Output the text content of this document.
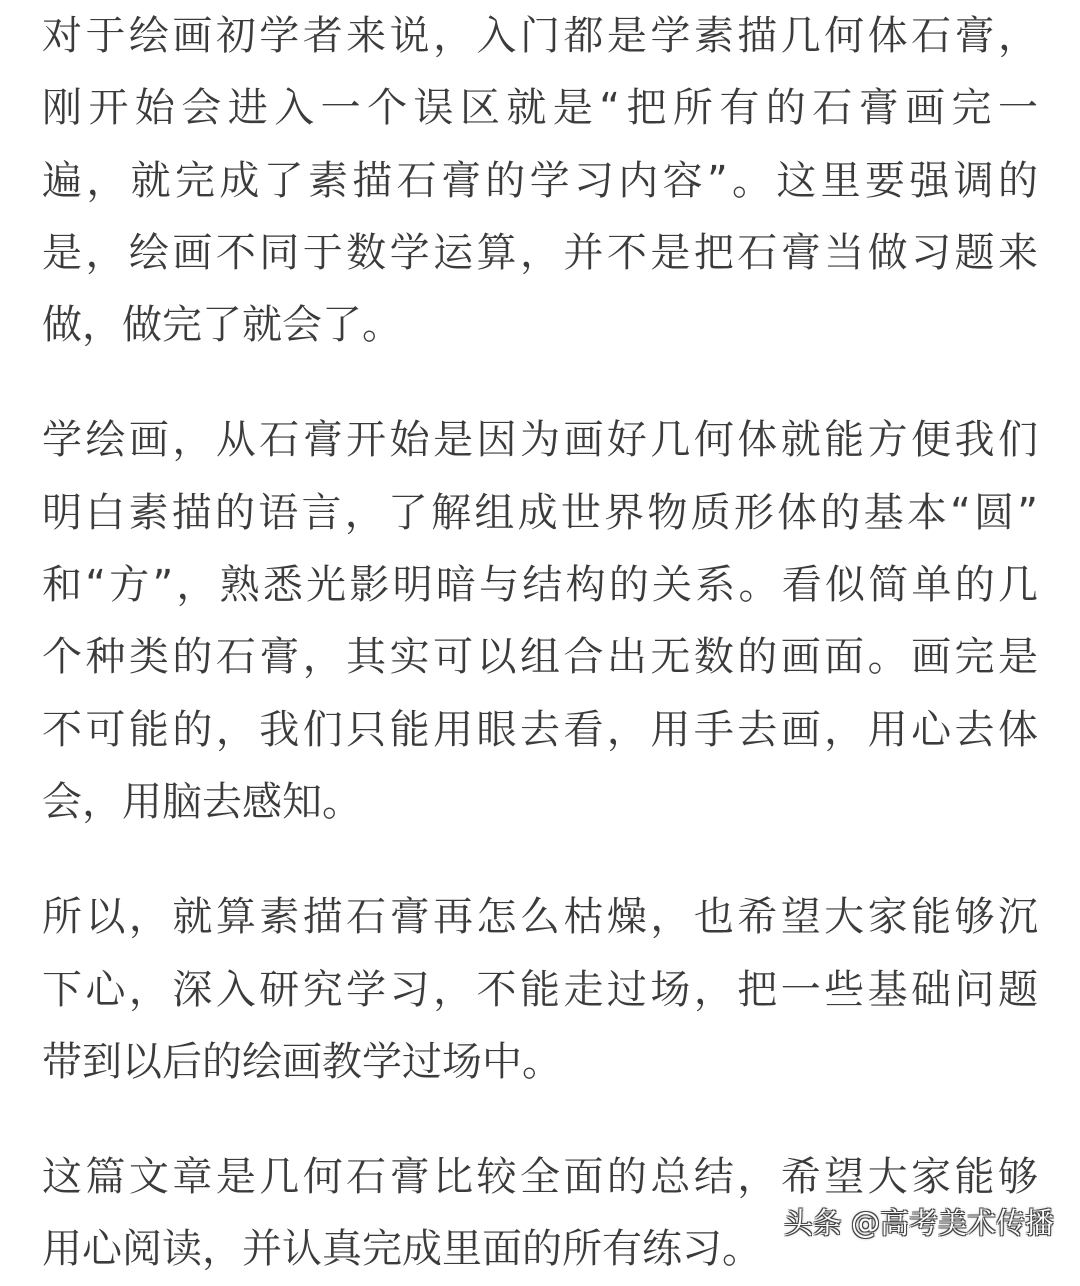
对于绘画初学者来说，入门都是学素描几何体石膏，
刚开始会进入一个误区就是“把所有的石膏画完一
遍，就完成了素描石膏的学习内容”。这里要强调的
是，绘画不同于数学运算，并不是把石膏当做习题来
做，做完了就会了。
学绘画，从石膏开始是因为画好几何体就能方便我们
明白素描的语言，了解组成世界物质形体的基本“圆”
和“方”，熟悉光影明暗与结构的关系。看似简单的几
个种类的石膏，其实可以组合出无数的画面。画完是
不可能的，我们只能用眼去看，用手去画，用心去体
会，用脑去感知。
所以，就算素描石膏再怎么枯燥，也希望大家能够沉
下心，深入研究学习，不能走过场，把一些基础问题
带到以后的绘画教学过场中。
这篇文章是几何石膏比较全面的总结，希望大家能够
用心阅读，并认真完成里面的所有练习。
头条 @高考美术传播
